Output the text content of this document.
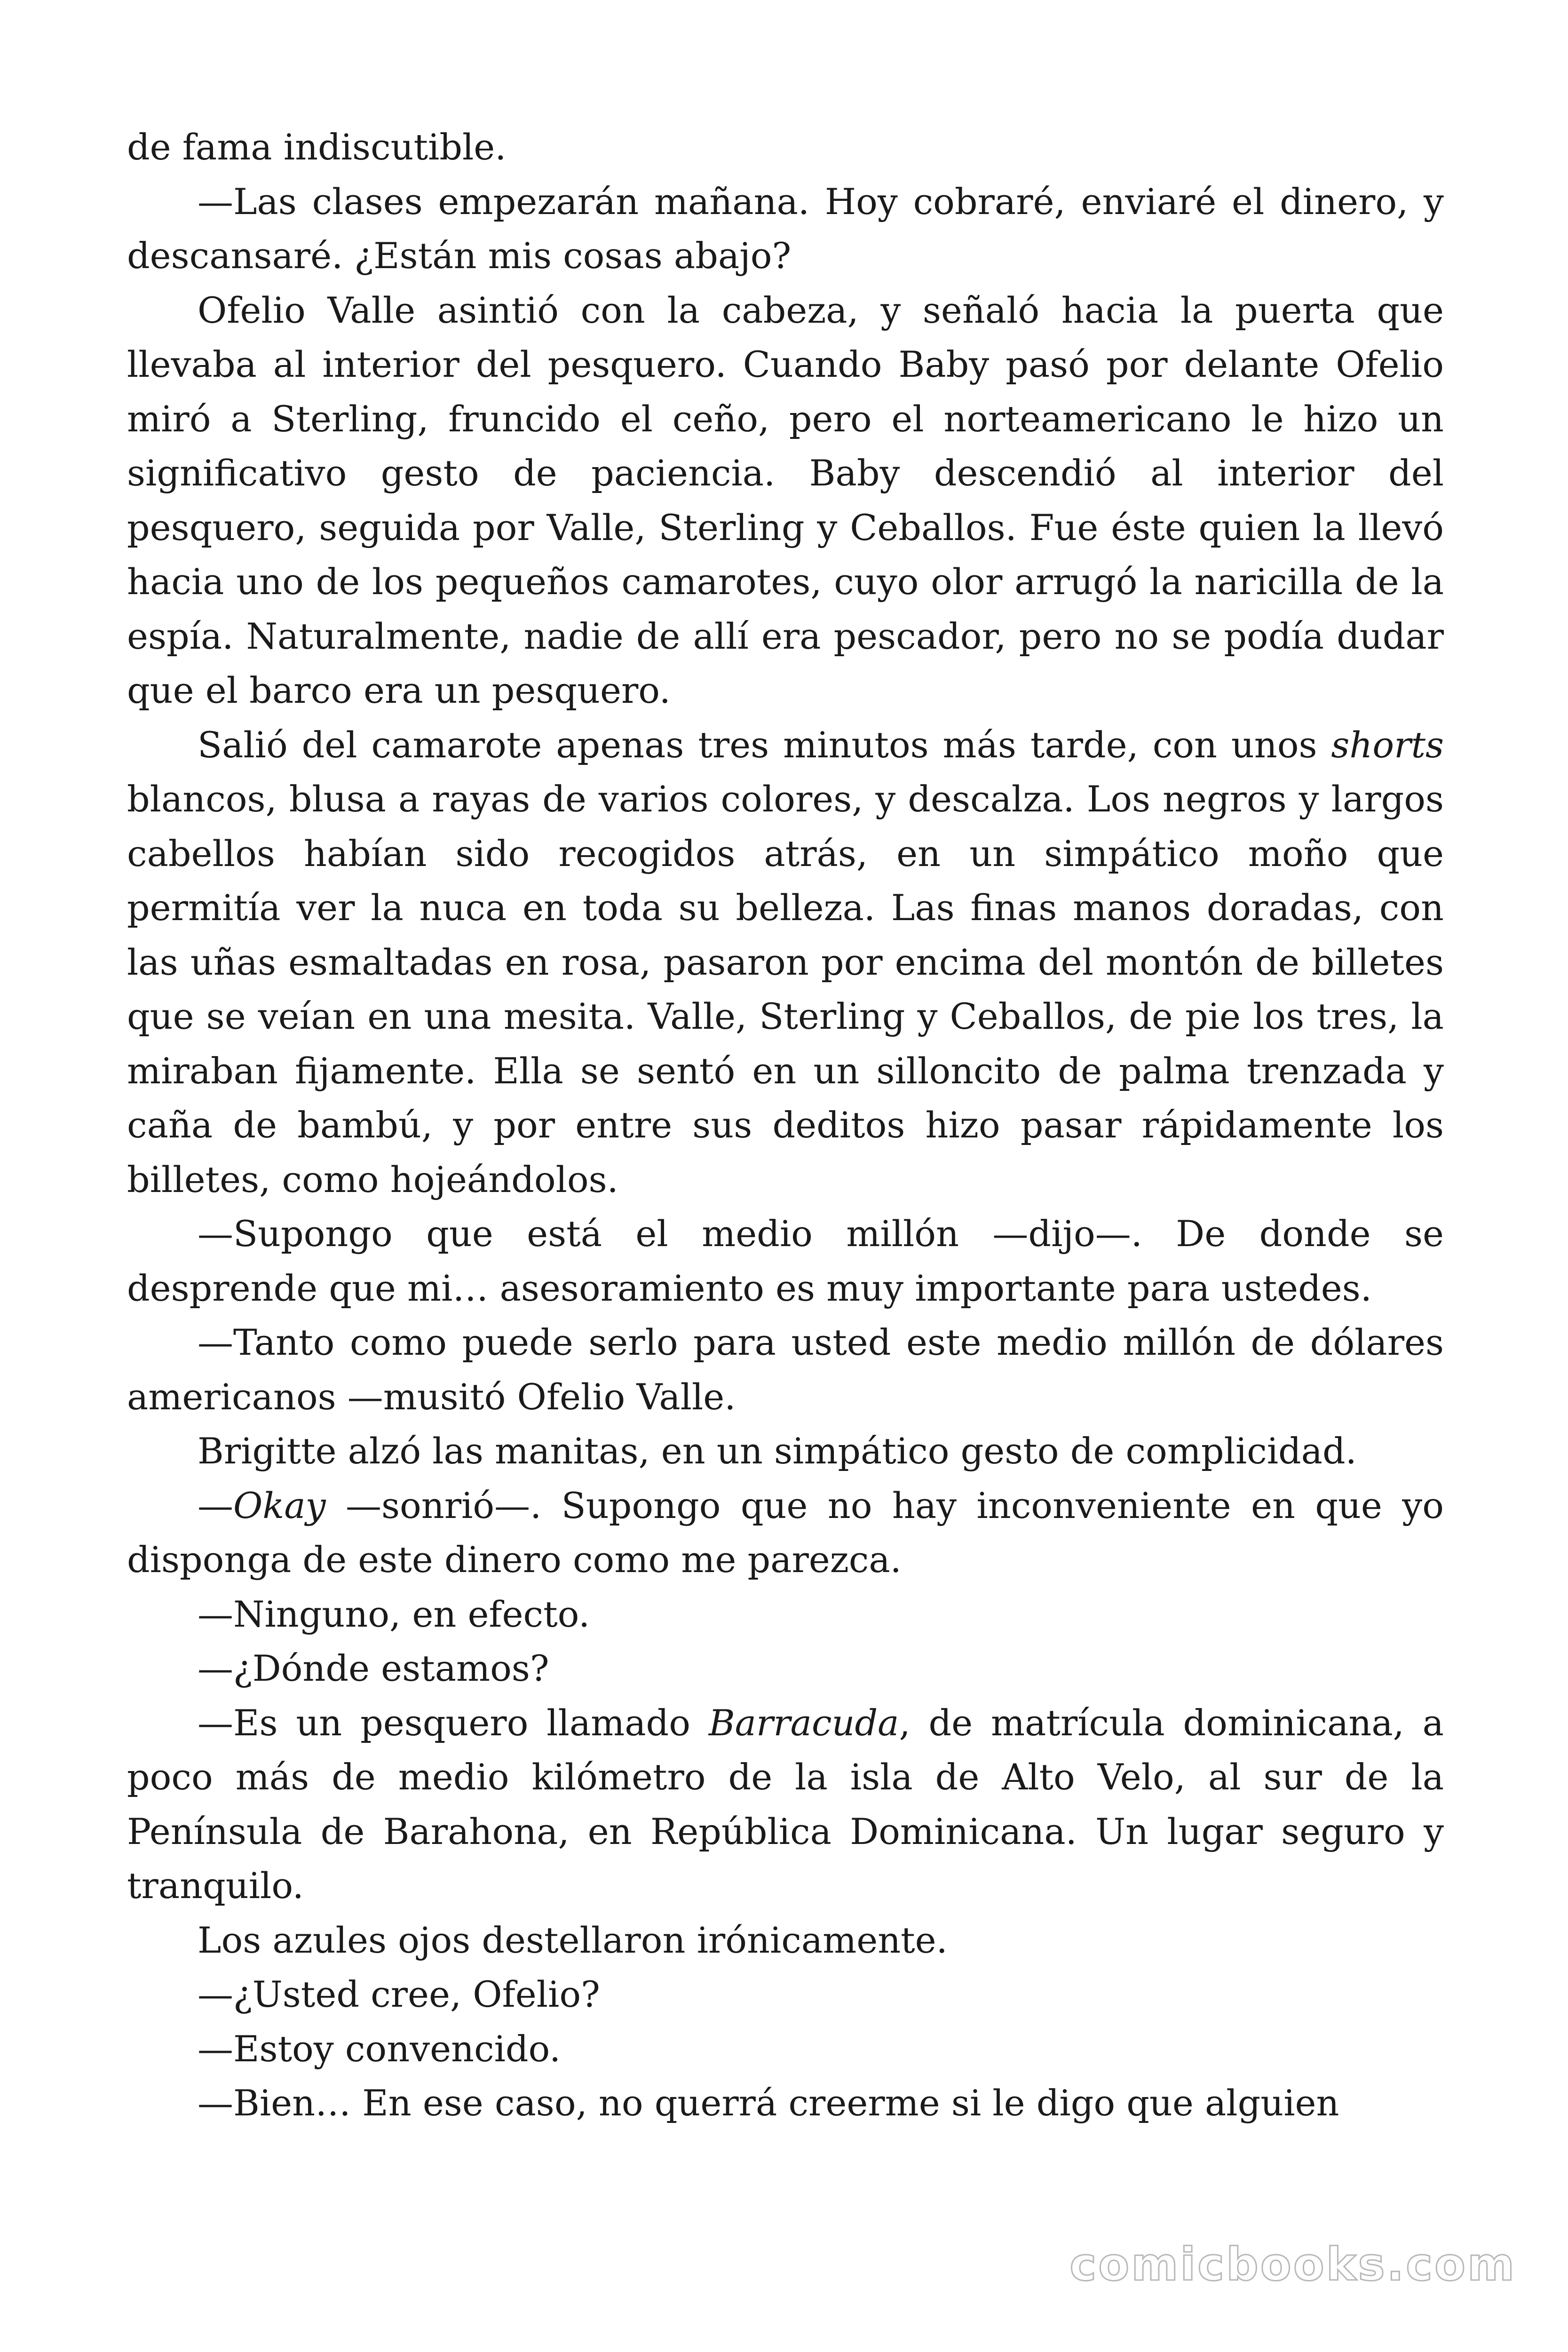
de fama indiscutible.

—Las clases empezarán mañana. Hoy cobraré, enviaré el dinero, y descansaré. ¿Están mis cosas abajo?

Ofelio Valle asintió con la cabeza, y señaló hacia la puerta que llevaba al interior del pesquero. Cuando Baby pasó por delante Ofelio miró a Sterling, fruncido el ceño, pero el norteamericano le hizo un significativo gesto de paciencia. Baby descendió al interior del pesquero, seguida por Valle, Sterling y Ceballos. Fue éste quien la llevó hacia uno de los pequeños camarotes, cuyo olor arrugó la naricilla de la espía. Naturalmente, nadie de allí era pescador, pero no se podía dudar que el barco era un pesquero.

Salió del camarote apenas tres minutos más tarde, con unos shorts blancos, blusa a rayas de varios colores, y descalza. Los negros y largos cabellos habían sido recogidos atrás, en un simpático moño que permitía ver la nuca en toda su belleza. Las finas manos doradas, con las uñas esmaltadas en rosa, pasaron por encima del montón de billetes que se veían en una mesita. Valle, Sterling y Ceballos, de pie los tres, la miraban fijamente. Ella se sentó en un silloncito de palma trenzada y caña de bambú, y por entre sus deditos hizo pasar rápidamente los billetes, como hojeándolos.

—Supongo que está el medio millón —dijo—. De donde se desprende que mi… asesoramiento es muy importante para ustedes.

—Tanto como puede serlo para usted este medio millón de dólares americanos —musitó Ofelio Valle.

Brigitte alzó las manitas, en un simpático gesto de complicidad.

—Okay —sonrió—. Supongo que no hay inconveniente en que yo disponga de este dinero como me parezca.

—Ninguno, en efecto.

—¿Dónde estamos?

—Es un pesquero llamado Barracuda, de matrícula dominicana, a poco más de medio kilómetro de la isla de Alto Velo, al sur de la Península de Barahona, en República Dominicana. Un lugar seguro y tranquilo.

Los azules ojos destellaron irónicamente.

—¿Usted cree, Ofelio?

—Estoy convencido.

—Bien… En ese caso, no querrá creerme si le digo que alguien

comicbooks.com
